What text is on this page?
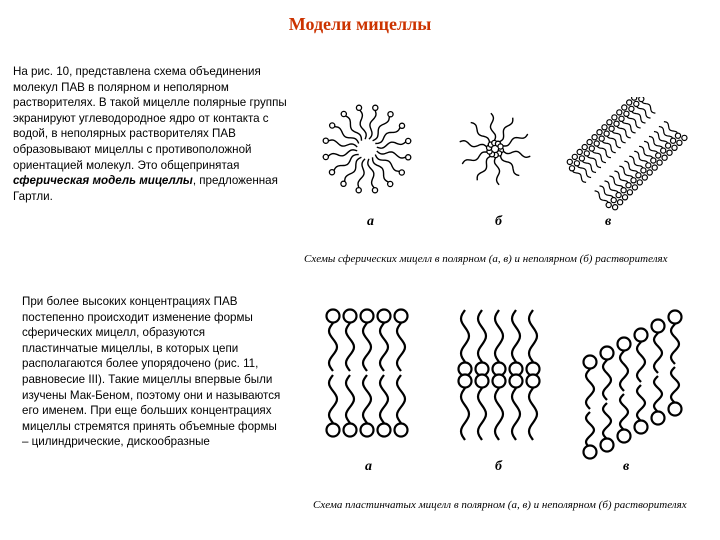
Модели мицеллы
На рис. 10, представлена схема объединения молекул ПАВ в полярном и неполярном растворителях. В такой мицелле полярные группы экранируют углеводородное ядро от контакта с водой, в неполярных растворителях ПАВ образовывают мицеллы с противоположной ориентацией молекул. Это общепринятая сферическая модель мицеллы, предложенная Гартли.
При более высоких концентрациях ПАВ постепенно происходит изменение формы сферических мицелл, образуются пластинчатые мицеллы, в которых цепи располагаются более упорядочено (рис. 11, равновесие III). Такие мицеллы впервые были изучены Мак-Беном, поэтому они и называются его именем. При еще больших концентрациях мицеллы стремятся принять объемные формы – цилиндрические, дискообразные
а	б	в
Схемы сферических мицелл в полярном (а, в) и неполярном (б) растворителях
а	б	в
Схема пластинчатых мицелл в полярном (а, в) и неполярном (б) растворителях
